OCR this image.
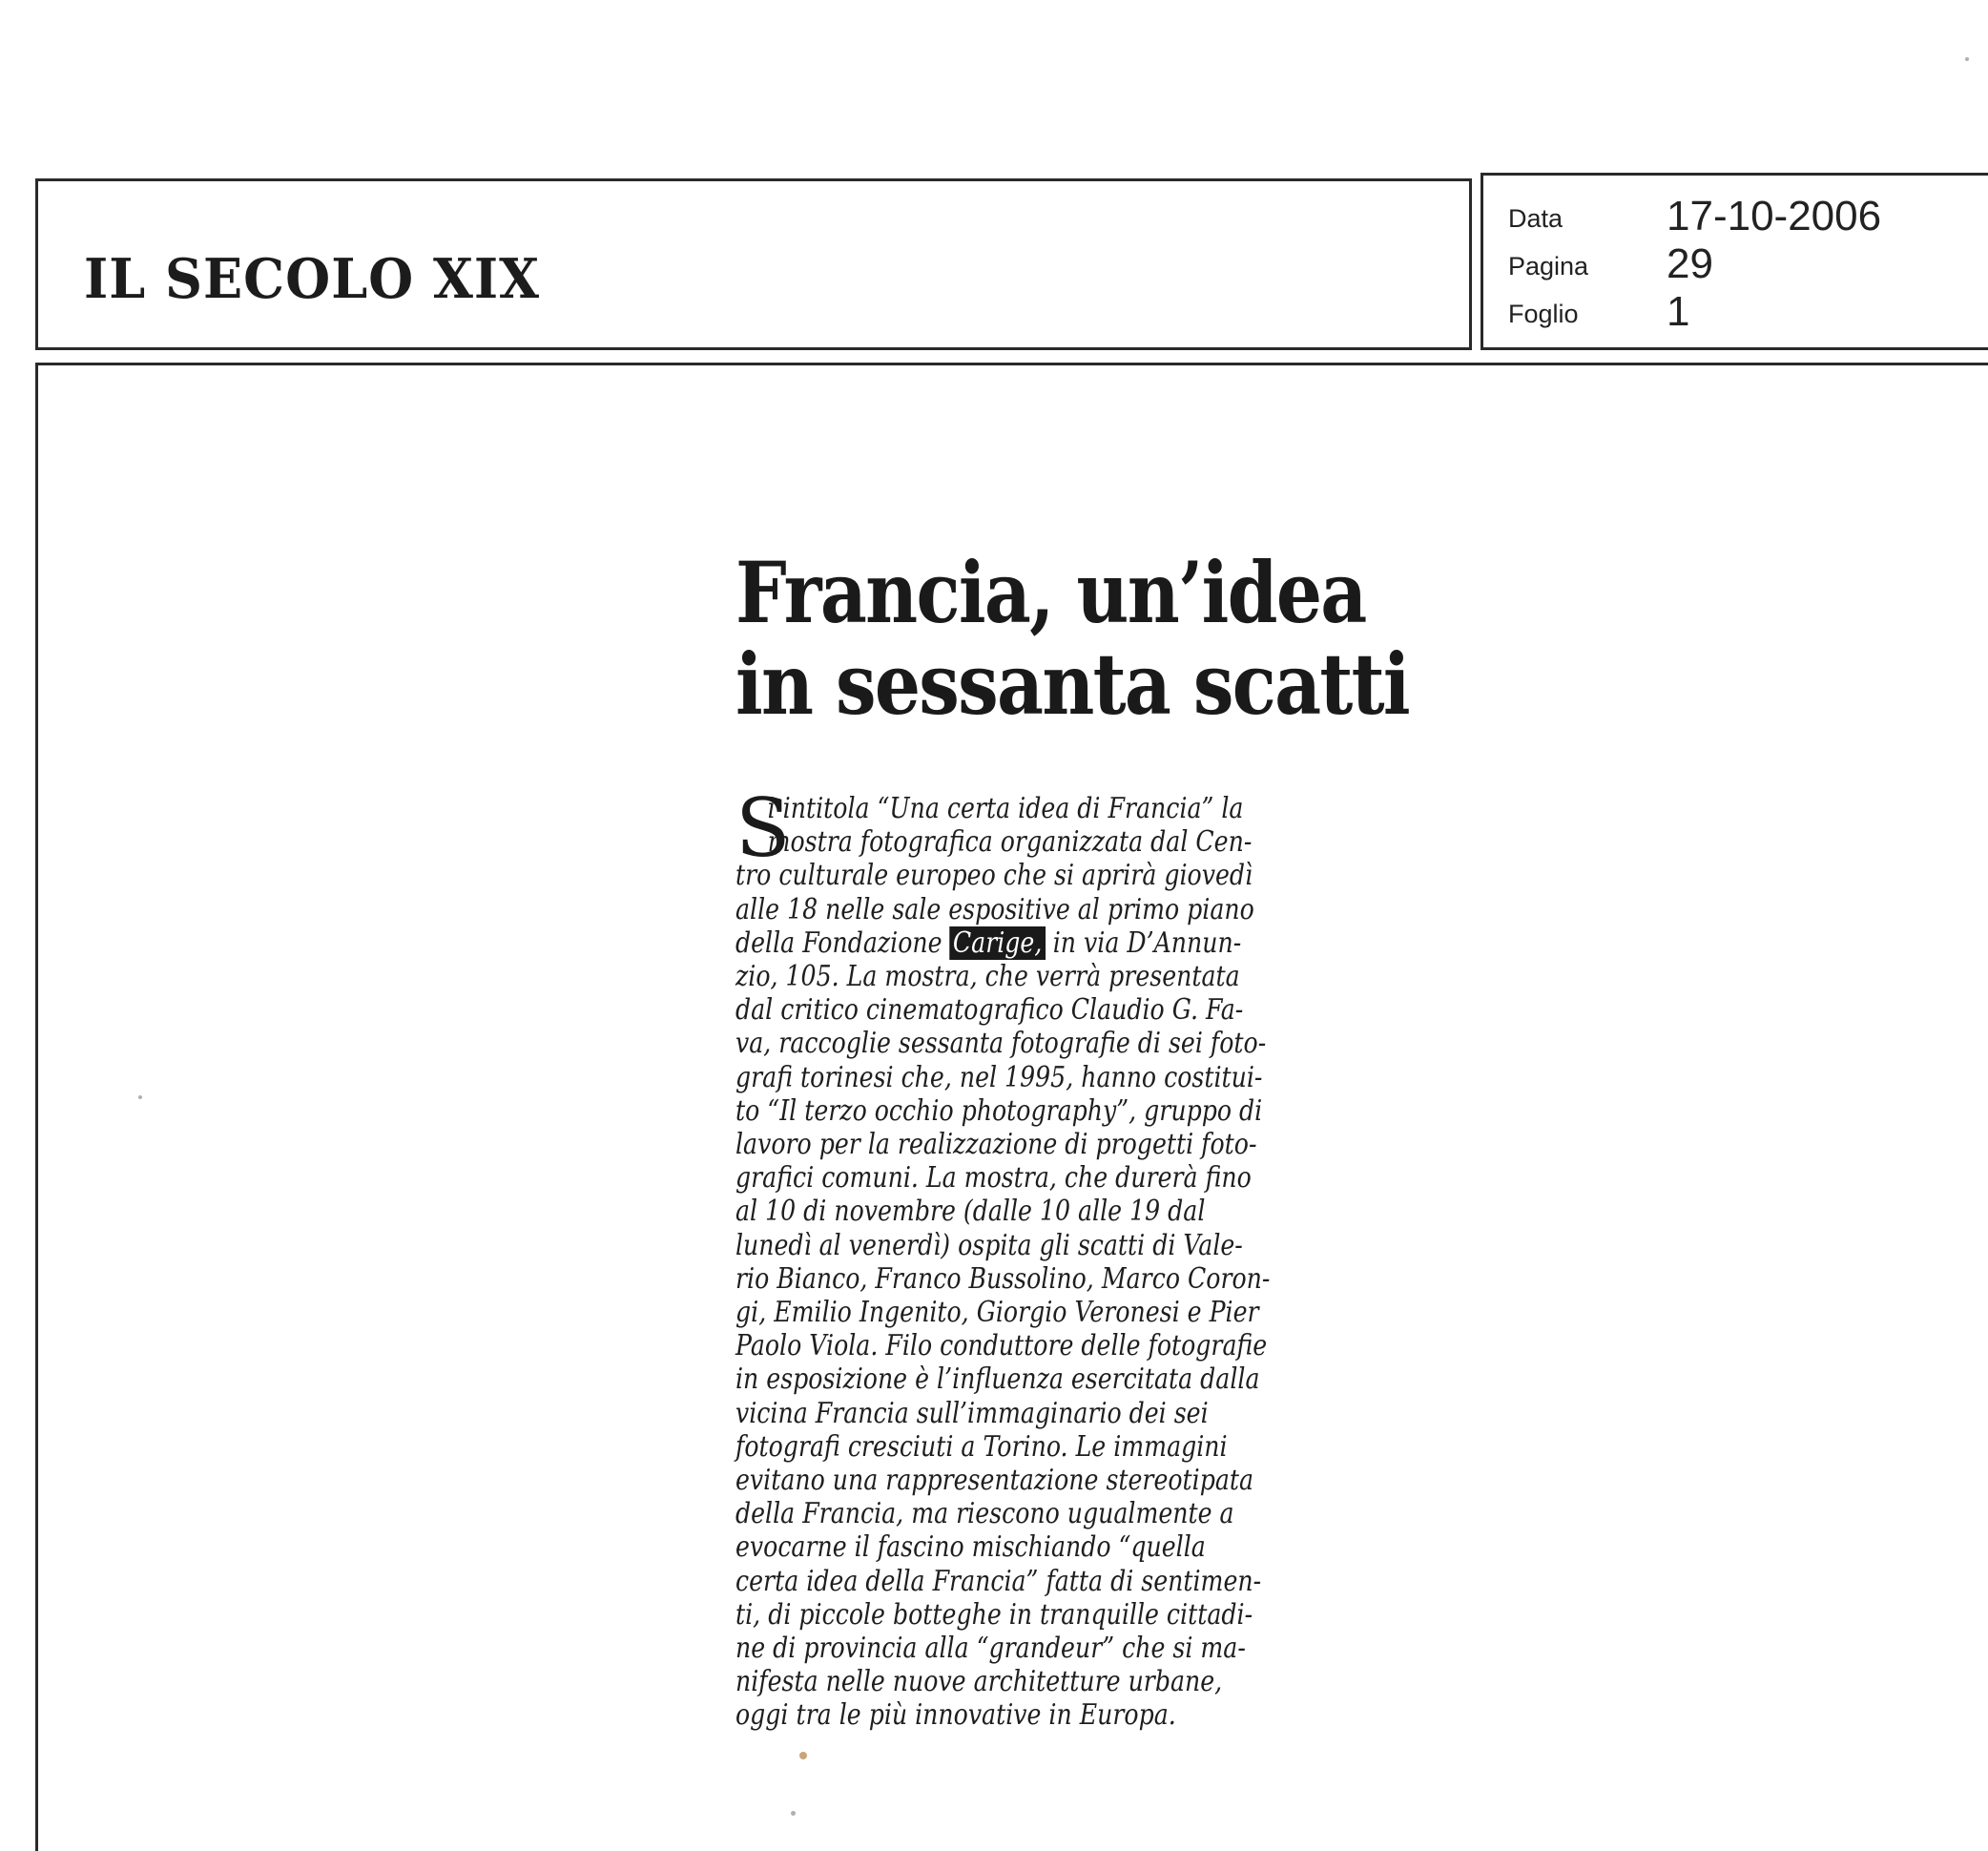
IL SECOLO XIX
Data	17-10-2006
Pagina	29
Foglio	1
Francia, un’idea
in sessanta scatti
S
i intitola “Una certa idea di Francia” la
mostra fotografica organizzata dal Cen-
tro culturale europeo che si aprirà giovedì
alle 18 nelle sale espositive al primo piano
della Fondazione Carige, in via D’Annun-
zio, 105. La mostra, che verrà presentata
dal critico cinematografico Claudio G. Fa-
va, raccoglie sessanta fotografie di sei foto-
grafi torinesi che, nel 1995, hanno costitui-
to “Il terzo occhio photography”, gruppo di
lavoro per la realizzazione di progetti foto-
grafici comuni. La mostra, che durerà fino
al 10 di novembre (dalle 10 alle 19 dal
lunedì al venerdì) ospita gli scatti di Vale-
rio Bianco, Franco Bussolino, Marco Coron-
gi, Emilio Ingenito, Giorgio Veronesi e Pier
Paolo Viola. Filo conduttore delle fotografie
in esposizione è l’influenza esercitata dalla
vicina Francia sull’immaginario dei sei
fotografi cresciuti a Torino. Le immagini
evitano una rappresentazione stereotipata
della Francia, ma riescono ugualmente a
evocarne il fascino mischiando “quella
certa idea della Francia” fatta di sentimen-
ti, di piccole botteghe in tranquille cittadi-
ne di provincia alla “grandeur” che si ma-
nifesta nelle nuove architetture urbane,
oggi tra le più innovative in Europa.
